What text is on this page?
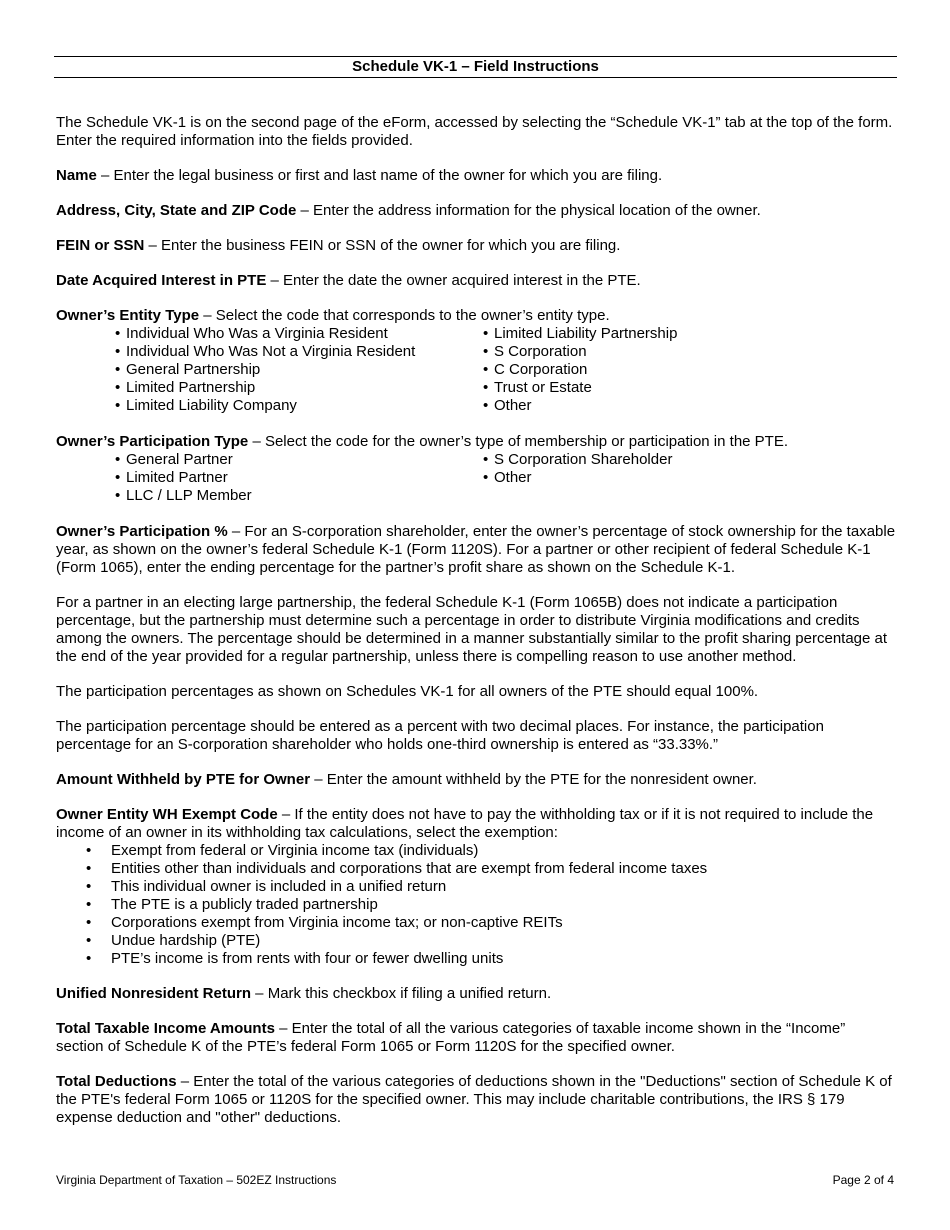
Schedule VK-1 – Field Instructions

The Schedule VK-1 is on the second page of the eForm, accessed by selecting the “Schedule VK-1” tab at the top of the form. Enter the required information into the fields provided.

Name – Enter the legal business or first and last name of the owner for which you are filing.

Address, City, State and ZIP Code – Enter the address information for the physical location of the owner.

FEIN or SSN – Enter the business FEIN or SSN of the owner for which you are filing.

Date Acquired Interest in PTE – Enter the date the owner acquired interest in the PTE.

Owner’s Entity Type – Select the code that corresponds to the owner’s entity type.

• Individual Who Was a Virginia Resident
• Individual Who Was Not a Virginia Resident
• General Partnership
• Limited Partnership
• Limited Liability Company
• Limited Liability Partnership
• S Corporation
• C Corporation
• Trust or Estate
• Other

Owner’s Participation Type – Select the code for the owner’s type of membership or participation in the PTE.

• General Partner
• Limited Partner
• LLC / LLP Member
• S Corporation Shareholder
• Other

Owner’s Participation % – For an S-corporation shareholder, enter the owner’s percentage of stock ownership for the taxable year, as shown on the owner’s federal Schedule K-1 (Form 1120S). For a partner or other recipient of federal Schedule K-1 (Form 1065), enter the ending percentage for the partner’s profit share as shown on the Schedule K-1.

For a partner in an electing large partnership, the federal Schedule K-1 (Form 1065B) does not indicate a participation percentage, but the partnership must determine such a percentage in order to distribute Virginia modifications and credits among the owners. The percentage should be determined in a manner substantially similar to the profit sharing percentage at the end of the year provided for a regular partnership, unless there is compelling reason to use another method.

The participation percentages as shown on Schedules VK-1 for all owners of the PTE should equal 100%.

The participation percentage should be entered as a percent with two decimal places. For instance, the participation percentage for an S-corporation shareholder who holds one-third ownership is entered as “33.33%.”

Amount Withheld by PTE for Owner – Enter the amount withheld by the PTE for the nonresident owner.

Owner Entity WH Exempt Code – If the entity does not have to pay the withholding tax or if it is not required to include the income of an owner in its withholding tax calculations, select the exemption:

• Exempt from federal or Virginia income tax (individuals)
• Entities other than individuals and corporations that are exempt from federal income taxes
• This individual owner is included in a unified return
• The PTE is a publicly traded partnership
• Corporations exempt from Virginia income tax; or non-captive REITs
• Undue hardship (PTE)
• PTE’s income is from rents with four or fewer dwelling units

Unified Nonresident Return – Mark this checkbox if filing a unified return.

Total Taxable Income Amounts – Enter the total of all the various categories of taxable income shown in the “Income” section of Schedule K of the PTE’s federal Form 1065 or Form 1120S for the specified owner.

Total Deductions – Enter the total of the various categories of deductions shown in the "Deductions" section of Schedule K of the PTE's federal Form 1065 or 1120S for the specified owner. This may include charitable contributions, the IRS § 179 expense deduction and "other" deductions.

Virginia Department of Taxation – 502EZ Instructions	Page 2 of 4
